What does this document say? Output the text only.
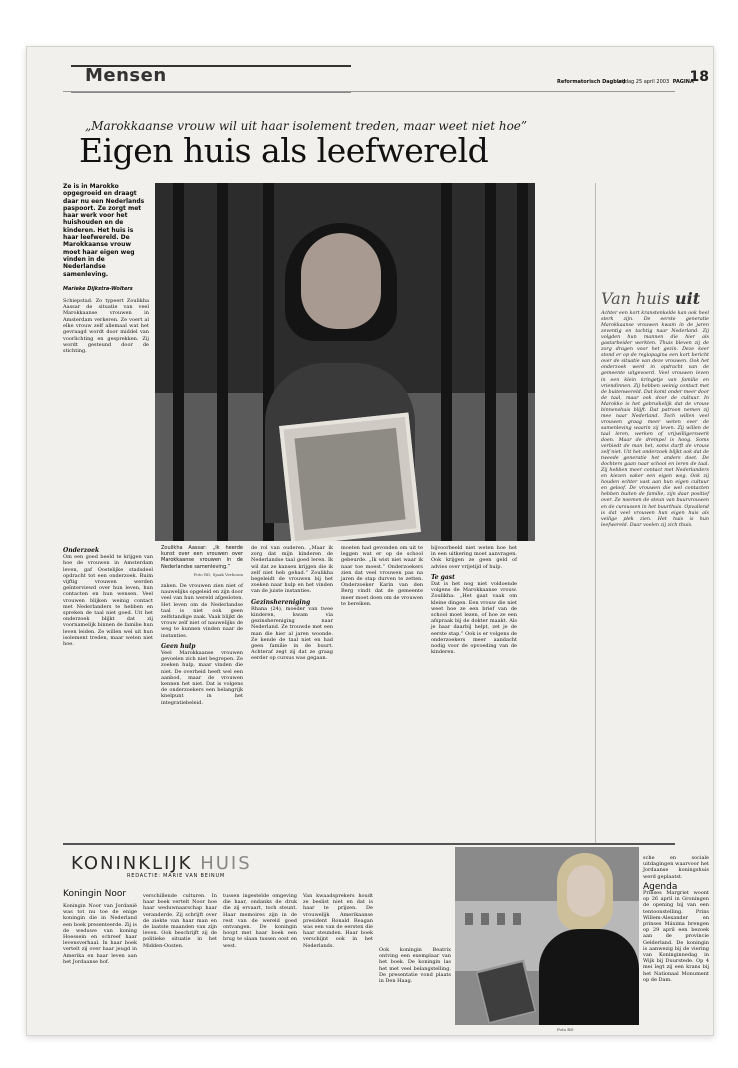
Mensen	Reformatorisch Dagblad
vrijdag 25 april 2003 PAGINA
18
„Marokkaanse vrouw wil uit haar isolement treden, maar weet niet hoe”
Eigen huis als leefwereld
Ze is in Marokko opgegroeid en draagt daar nu een Nederlands paspoort. Ze zorgt met haar werk voor het huishouden en de kinderen. Het huis is haar leefwereld. De Marokkaanse vrouw moet haar eigen weg vinden in de Nederlandse samenleving.
Marieke Dijkstra-Wolters
Schiepstad. Zo typeert Zoulikha Aassar de situatie van veel Marokkaanse vrouwen in Amsterdam verkeren. Ze voert al elke vrouw zelf allemaal wat het gevraagd wordt door middel van voorlichting en gesprekken. Zij wordt gesteund door de stichting.
Onderzoek
Om een goed beeld te krijgen van hoe de vrouwen in Amsterdam leven, gaf Oostelijke stadsdeel opdracht tot een onderzoek. Ruim vijftig vrouwen werden geïnterviewd over hun leven, hun contacten en hun wensen. Veel vrouwen blijken weinig contact met Nederlanders te hebben en spreken de taal niet goed. Uit het onderzoek blijkt dat zij voornamelijk binnen de familie hun leven leiden. Ze willen wel uit hun isolement treden, maar weten niet hoe.
Zoulikha Aassar: „Ik heerde kunst over een vrouwen over Marokkaanse vrouwen in de Nederlandse samenleving.”
Foto RD, Sjaak Verboom
zaken. De vrouwen zien niet of nauwelijks opgeleid en zijn door veel van hun wereld afgesloten. Het leven om de Nederlandse taal is niet ook geen zelfstandige zaak. Vaak blijkt de vrouw zelf niet of nauwelijks de weg te kunnen vinden naar de instanties.
Geen hulp
Veel Marokkaanse vrouwen gevoelen zich niet begrepen. Ze zoeken hulp, maar vinden die niet. De overheid heeft wel een aanbod, maar de vrouwen kennen het niet. Dat is volgens de onderzoekers een belangrijk knelpunt in het integratiebeleid.
de rol van ouderen. „Maar ik zorg dat mijn kinderen de Nederlandse taal goed leren. Ik wil dat ze kansen krijgen die ik zelf niet heb gehad.” Zoulikha begeleidt de vrouwen bij het zoeken naar hulp en het vinden van de juiste instanties.
Gezinshereniging
Rhana (24), moeder van twee kinderen, kwam via gezinshereniging naar Nederland. Ze trouwde met een man die hier al jaren woonde. Ze kende de taal niet en had geen familie in de buurt. Achteraf zegt zij dat ze graag eerder op cursus was gegaan.
moeten had gevonden om uit te leggen wat er op de school gebeurde. „Ik wist niet waar ik naar toe moest.” Onderzoekers zien dat veel vrouwen pas na jaren de stap durven te zetten. Onderzoeker Karin van den Berg vindt dat de gemeente meer moet doen om de vrouwen te bereiken.
bijvoorbeeld niet weten hoe het in een uitkering moet aanvragen. Ook krijgen ze geen geld of advies over vrijetijd of hulp.
Te gast
Dat is het nog niet voldoende volgens de Marokkaanse vrouw. Zoulikha: „Het gaat vaak om kleine dingen. Een vrouw die niet weet hoe ze een brief van de school moet lezen, of hoe ze een afspraak bij de dokter maakt. Als je haar daarbij helpt, zet je de eerste stap.” Ook is er volgens de onderzoekers meer aandacht nodig voor de opvoeding van de kinderen.
Van huis uit
Achter een kort kranstenkelde kan ook heel sterk zijn. De eerste generatie Marokkaanse vrouwen kwam in de jaren zeventig en tachtig naar Nederland. Zij volgden hun mannen die hier als gastarbeider werkten. Thuis bleven zij de zorg dragen voor het gezin. Deze keer stond er op de regiopagina een kort bericht over de situatie van deze vrouwen. Ook het onderzoek werd in opdracht van de gemeente uitgevoerd. Veel vrouwen leven in een klein kringetje van familie en vriendinnen. Zij hebben weinig contact met de buitenwereld. Dat komt onder meer door de taal, maar ook door de cultuur. In Marokko is het gebruikelijk dat de vrouw binnenshuis blijft. Dat patroon nemen zij mee naar Nederland. Toch willen veel vrouwen graag meer weten over de samenleving waarin zij leven. Zij willen de taal leren, werken of vrijwilligerswerk doen. Maar de drempel is hoog. Soms verbiedt de man het, soms durft de vrouw zelf niet. Uit het onderzoek blijkt ook dat de tweede generatie het anders doet. De dochters gaan naar school en leren de taal. Zij hebben meer contact met Nederlanders en kiezen vaker een eigen weg. Ook zij houden echter vast aan hun eigen cultuur en geloof. De vrouwen die wel contacten hebben buiten de familie, zijn daar positief over. Ze noemen de steun van buurvrouwen en de cursussen in het buurthuis. Opvallend is dat veel vrouwen hun eigen huis als veilige plek zien. Het huis is hun leefwereld. Daar voelen zij zich thuis.
KONINKLIJK HUIS
REDACTIE: MARIE VAN BEINUM
Koningin Noor
Koningin Noor van Jordanië was tot nu toe de enige koningin die in Nederland een boek presenteerde. Zij is de weduwe van koning Hoessein en schreef haar levensverhaal. In haar boek vertelt zij over haar jeugd in Amerika en haar leven aan het Jordaanse hof.
verschillende culturen. In haar boek vertelt Noor hoe haar weduwnaarschap haar veranderde. Zij schrijft over de ziekte van haar man en de laatste maanden van zijn leven. Ook beschrijft zij de politieke situatie in het Midden-Oosten.
tussen ingestelde omgeving die haar, ondanks de druk die zij ervaart, toch steunt. Haar memoires zijn in de rest van de wereld goed ontvangen. De koningin hoopt met haar boek een brug te slaan tussen oost en west.
Van kwaadsprekers houdt ze beslist niet en dat is haar te prijzen. De vrouwelijk Amerikaanse president Ronald Reagan was een van de eersten die haar steunden. Haar boek verschijnt ook in het Nederlands.
Ook koningin Beatrix ontving een exemplaar van het boek. De koningin las het met veel belangstelling. De presentatie vond plaats in Den Haag.
Foto RD
sche en sociale uitdagingen waarvoor het Jordaanse koningshuis werd geplaatst.
Agenda
Prinses Margriet woont op 26 april in Groningen de opening bij van een tentoonstelling. Prins Willem-Alexander en prinses Máxima brengen op 29 april een bezoek aan de provincie Gelderland. De koningin is aanwezig bij de viering van Koninginnedag in Wijk bij Duurstede. Op 4 mei legt zij een krans bij het Nationaal Monument op de Dam.
